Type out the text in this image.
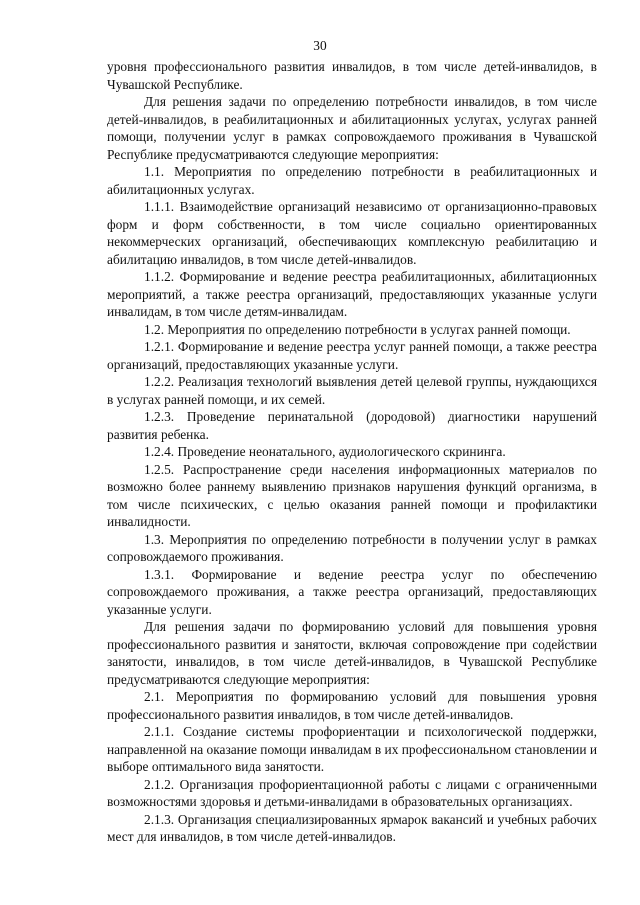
30

уровня профессионального развития инвалидов, в том числе детей-инвалидов, в Чувашской Республике.

Для решения задачи по определению потребности инвалидов, в том числе детей-инвалидов, в реабилитационных и абилитационных услугах, услугах ранней помощи, получении услуг в рамках сопровождаемого проживания в Чувашской Республике предусматриваются следующие мероприятия:

1.1. Мероприятия по определению потребности в реабилитационных и абилитационных услугах.

1.1.1. Взаимодействие организаций независимо от организационно-правовых форм и форм собственности, в том числе социально ориентированных некоммерческих организаций, обеспечивающих комплексную реабилитацию и абилитацию инвалидов, в том числе детей-инвалидов.

1.1.2. Формирование и ведение реестра реабилитационных, абилитационных мероприятий, а также реестра организаций, предоставляющих указанные услуги инвалидам, в том числе детям-инвалидам.

1.2. Мероприятия по определению потребности в услугах ранней помощи.

1.2.1. Формирование и ведение реестра услуг ранней помощи, а также реестра организаций, предоставляющих указанные услуги.

1.2.2. Реализация технологий выявления детей целевой группы, нуждающихся в услугах ранней помощи, и их семей.

1.2.3. Проведение перинатальной (дородовой) диагностики нарушений развития ребенка.

1.2.4. Проведение неонатального, аудиологического скрининга.

1.2.5. Распространение среди населения информационных материалов по возможно более раннему выявлению признаков нарушения функций организма, в том числе психических, с целью оказания ранней помощи и профилактики инвалидности.

1.3. Мероприятия по определению потребности в получении услуг в рамках сопровождаемого проживания.

1.3.1. Формирование и ведение реестра услуг по обеспечению сопровождаемого проживания, а также реестра организаций, предоставляющих указанные услуги.

Для решения задачи по формированию условий для повышения уровня профессионального развития и занятости, включая сопровождение при содействии занятости, инвалидов, в том числе детей-инвалидов, в Чувашской Республике предусматриваются следующие мероприятия:

2.1. Мероприятия по формированию условий для повышения уровня профессионального развития инвалидов, в том числе детей-инвалидов.

2.1.1. Создание системы профориентации и психологической поддержки, направленной на оказание помощи инвалидам в их профессиональном становлении и выборе оптимального вида занятости.

2.1.2. Организация профориентационной работы с лицами с ограниченными возможностями здоровья и детьми-инвалидами в образовательных организациях.

2.1.3. Организация специализированных ярмарок вакансий и учебных рабочих мест для инвалидов, в том числе детей-инвалидов.
